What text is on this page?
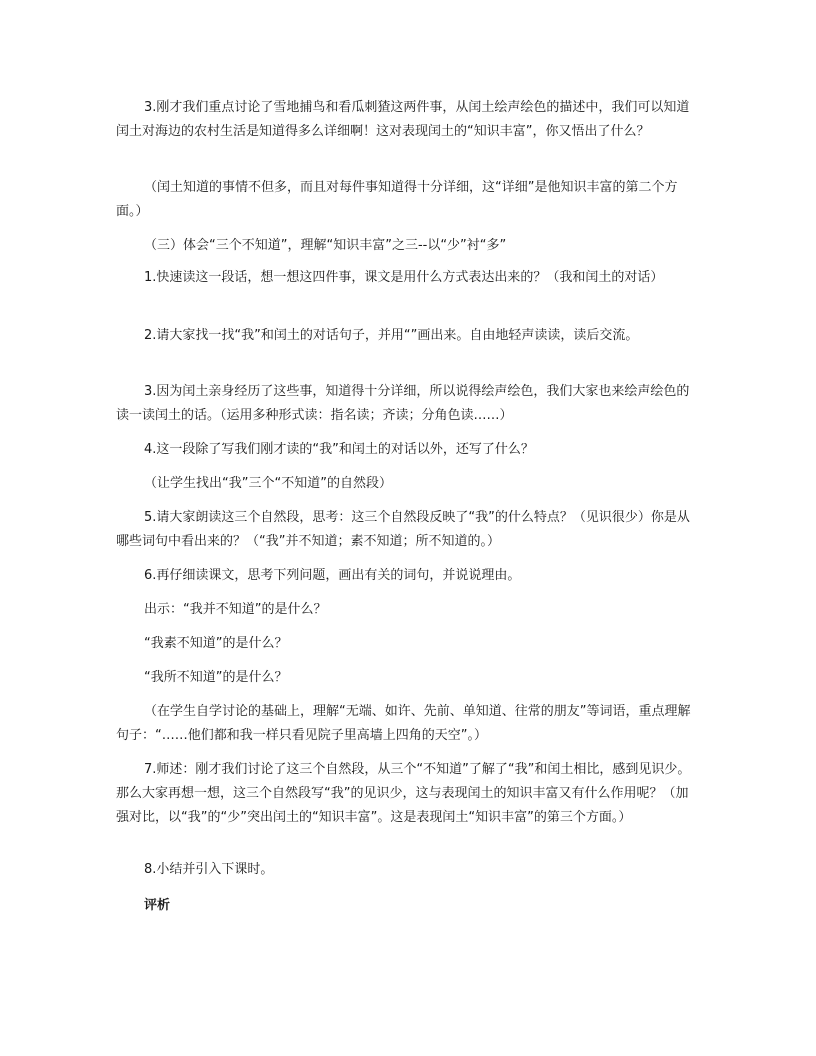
3.刚才我们重点讨论了雪地捕鸟和看瓜刺猹这两件事，从闰土绘声绘色的描述中，我们可以知道闰土对海边的农村生活是知道得多么详细啊！这对表现闰土的“知识丰富”，你又悟出了什么？

（闰土知道的事情不但多，而且对每件事知道得十分详细，这“详细”是他知识丰富的第二个方面。）

（三）体会“三个不知道”，理解“知识丰富”之三--以“少”衬“多”

1.快速读这一段话，想一想这四件事，课文是用什么方式表达出来的？（我和闰土的对话）

2.请大家找一找“我”和闰土的对话句子，并用“”画出来。自由地轻声读读，读后交流。

3.因为闰土亲身经历了这些事，知道得十分详细，所以说得绘声绘色，我们大家也来绘声绘色的读一读闰土的话。（运用多种形式读：指名读；齐读；分角色读……）

4.这一段除了写我们刚才读的“我”和闰土的对话以外，还写了什么？

（让学生找出“我”三个“不知道”的自然段）

5.请大家朗读这三个自然段，思考：这三个自然段反映了“我”的什么特点？（见识很少）你是从哪些词句中看出来的？（“我”并不知道；素不知道；所不知道的。）

6.再仔细读课文，思考下列问题，画出有关的词句，并说说理由。

出示：“我并不知道”的是什么？

“我素不知道”的是什么？

“我所不知道”的是什么？

（在学生自学讨论的基础上，理解“无端、如许、先前、单知道、往常的朋友”等词语，重点理解句子：“……他们都和我一样只看见院子里高墙上四角的天空”。）

7.师述：刚才我们讨论了这三个自然段，从三个“不知道”了解了“我”和闰土相比，感到见识少。那么大家再想一想，这三个自然段写“我”的见识少，这与表现闰土的知识丰富又有什么作用呢？（加强对比，以“我”的“少”突出闰土的“知识丰富”。这是表现闰土“知识丰富”的第三个方面。）

8.小结并引入下课时。

评析
